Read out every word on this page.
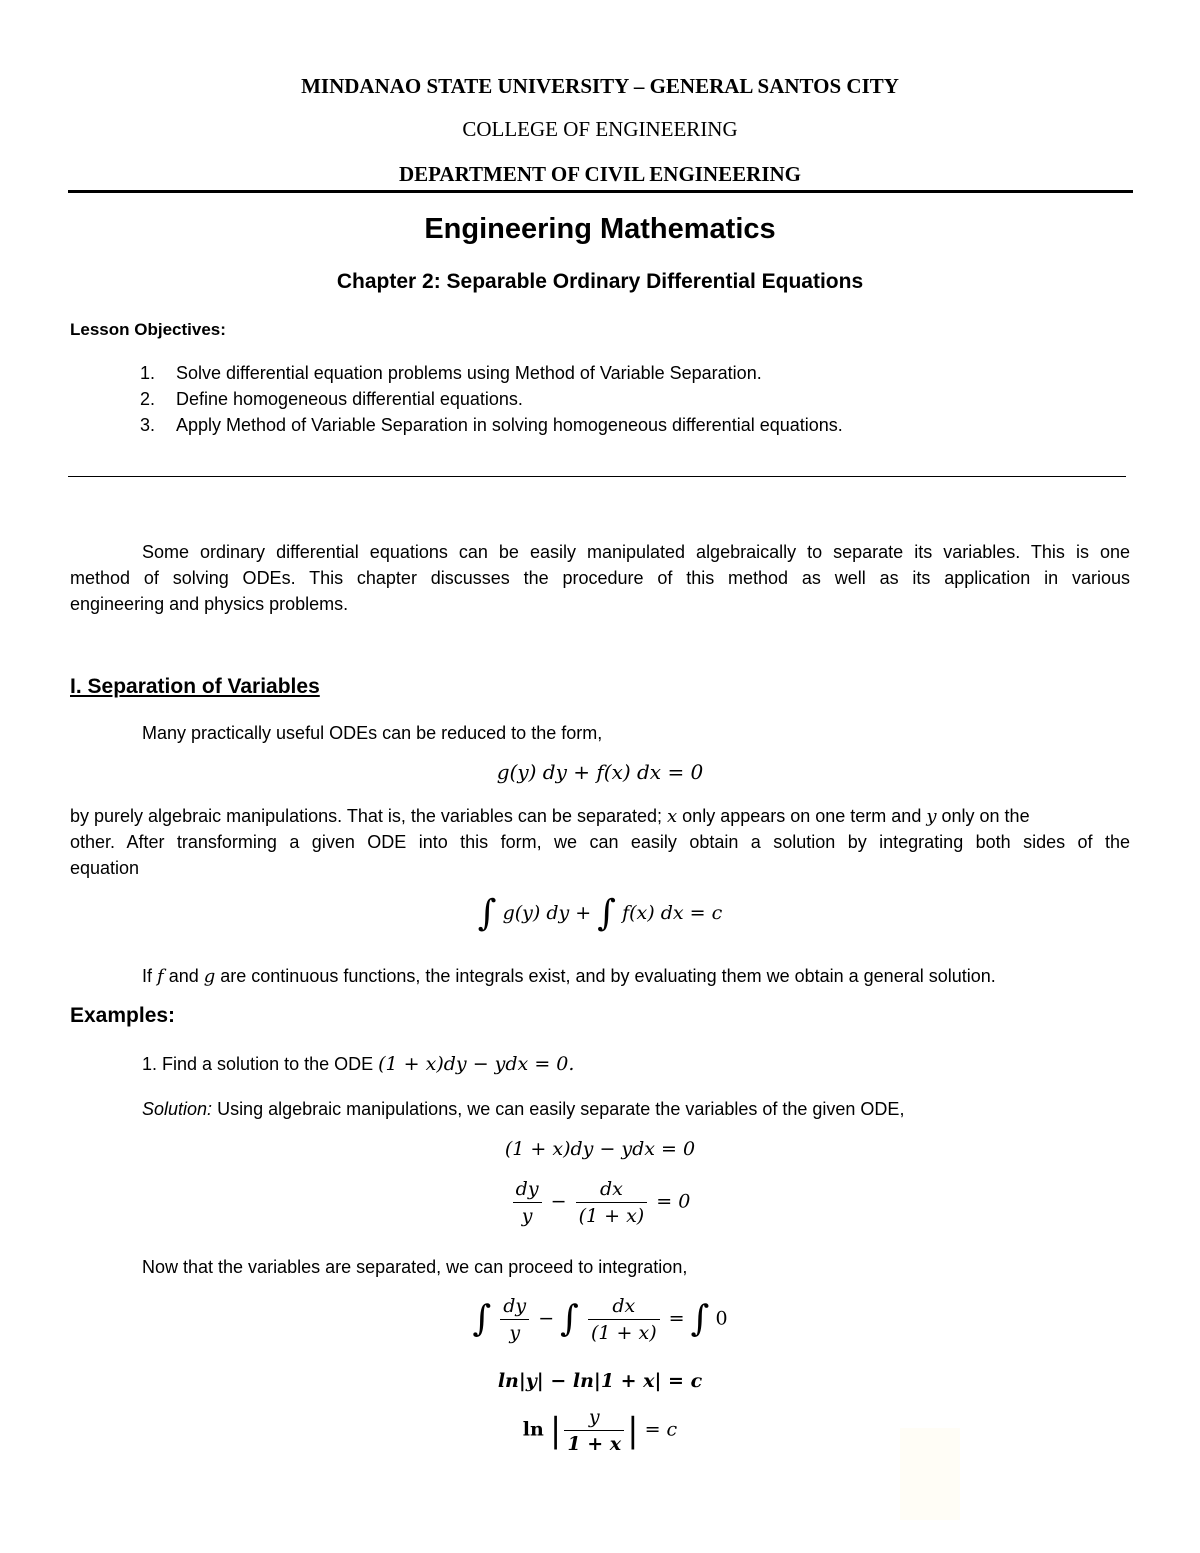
MINDANAO STATE UNIVERSITY – GENERAL SANTOS CITY
COLLEGE OF ENGINEERING
DEPARTMENT OF CIVIL ENGINEERING
Engineering Mathematics
Chapter 2: Separable Ordinary Differential Equations
Lesson Objectives:
1. Solve differential equation problems using Method of Variable Separation.
2. Define homogeneous differential equations.
3. Apply Method of Variable Separation in solving homogeneous differential equations.
Some ordinary differential equations can be easily manipulated algebraically to separate its variables. This is one
method of solving ODEs. This chapter discusses the procedure of this method as well as its application in various
engineering and physics problems.
I. Separation of Variables
Many practically useful ODEs can be reduced to the form,
g(y) dy + f(x) dx = 0
by purely algebraic manipulations. That is, the variables can be separated; x only appears on one term and y only on the
other. After transforming a given ODE into this form, we can easily obtain a solution by integrating both sides of the
equation
∫ g(y) dy + ∫ f(x) dx = c
If f and g are continuous functions, the integrals exist, and by evaluating them we obtain a general solution.
Examples:
1. Find a solution to the ODE (1 + x)dy − ydx = 0.
Solution: Using algebraic manipulations, we can easily separate the variables of the given ODE,
(1 + x)dy − ydx = 0
$\frac{dy}{y} - \frac{dx}{(1 + x)} = 0$
Now that the variables are separated, we can proceed to integration,
∫ $\frac{dy}{y}$ − ∫ $\frac{dx}{(1 + x)}$ = ∫ 0
ln|y| − ln|1 + x| = c
ln | $\frac{y}{1 + x}$ | = c
